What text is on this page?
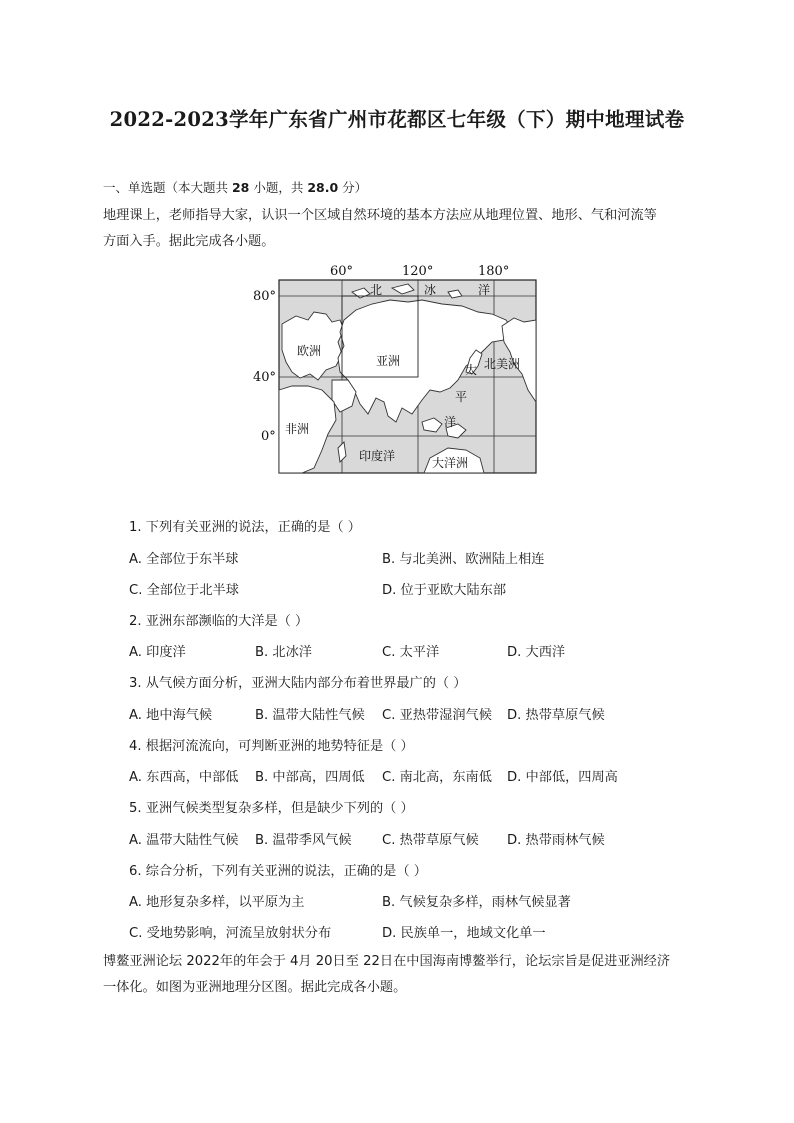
2022-2023学年广东省广州市花都区七年级（下）期中地理试卷
一、单选题（本大题共 28 小题，共 28.0 分）
地理课上，老师指导大家，认识一个区域自然环境的基本方法应从地理位置、地形、气和河流等
方面入手。据此完成各小题。
60°	120°	180°
80°
40°
0°
北	冰	洋
欧洲
亚洲	北美洲
太
平
洋
非洲
印度洋	大洋洲
1. 下列有关亚洲的说法，正确的是（ ）
A. 全部位于东半球	B. 与北美洲、欧洲陆上相连
C. 全部位于北半球	D. 位于亚欧大陆东部
2. 亚洲东部濒临的大洋是（ ）
A. 印度洋	B. 北冰洋	C. 太平洋	D. 大西洋
3. 从气候方面分析，亚洲大陆内部分布着世界最广的（ ）
A. 地中海气候	B. 温带大陆性气候 C. 亚热带湿润气候 D. 热带草原气候
4. 根据河流流向，可判断亚洲的地势特征是（ ）
A. 东西高，中部低 B. 中部高，四周低 C. 南北高，东南低 D. 中部低，四周高
5. 亚洲气候类型复杂多样，但是缺少下列的（ ）
A. 温带大陆性气候 B. 温带季风气候 C. 热带草原气候 D. 热带雨林气候
6. 综合分析，下列有关亚洲的说法，正确的是（ ）
A. 地形复杂多样，以平原为主	B. 气候复杂多样，雨林气候显著
C. 受地势影响，河流呈放射状分布	D. 民族单一，地域文化单一
博鳌亚洲论坛 2022年的年会于 4月 20日至 22日在中国海南博鳌举行，论坛宗旨是促进亚洲经济
一体化。如图为亚洲地理分区图。据此完成各小题。
